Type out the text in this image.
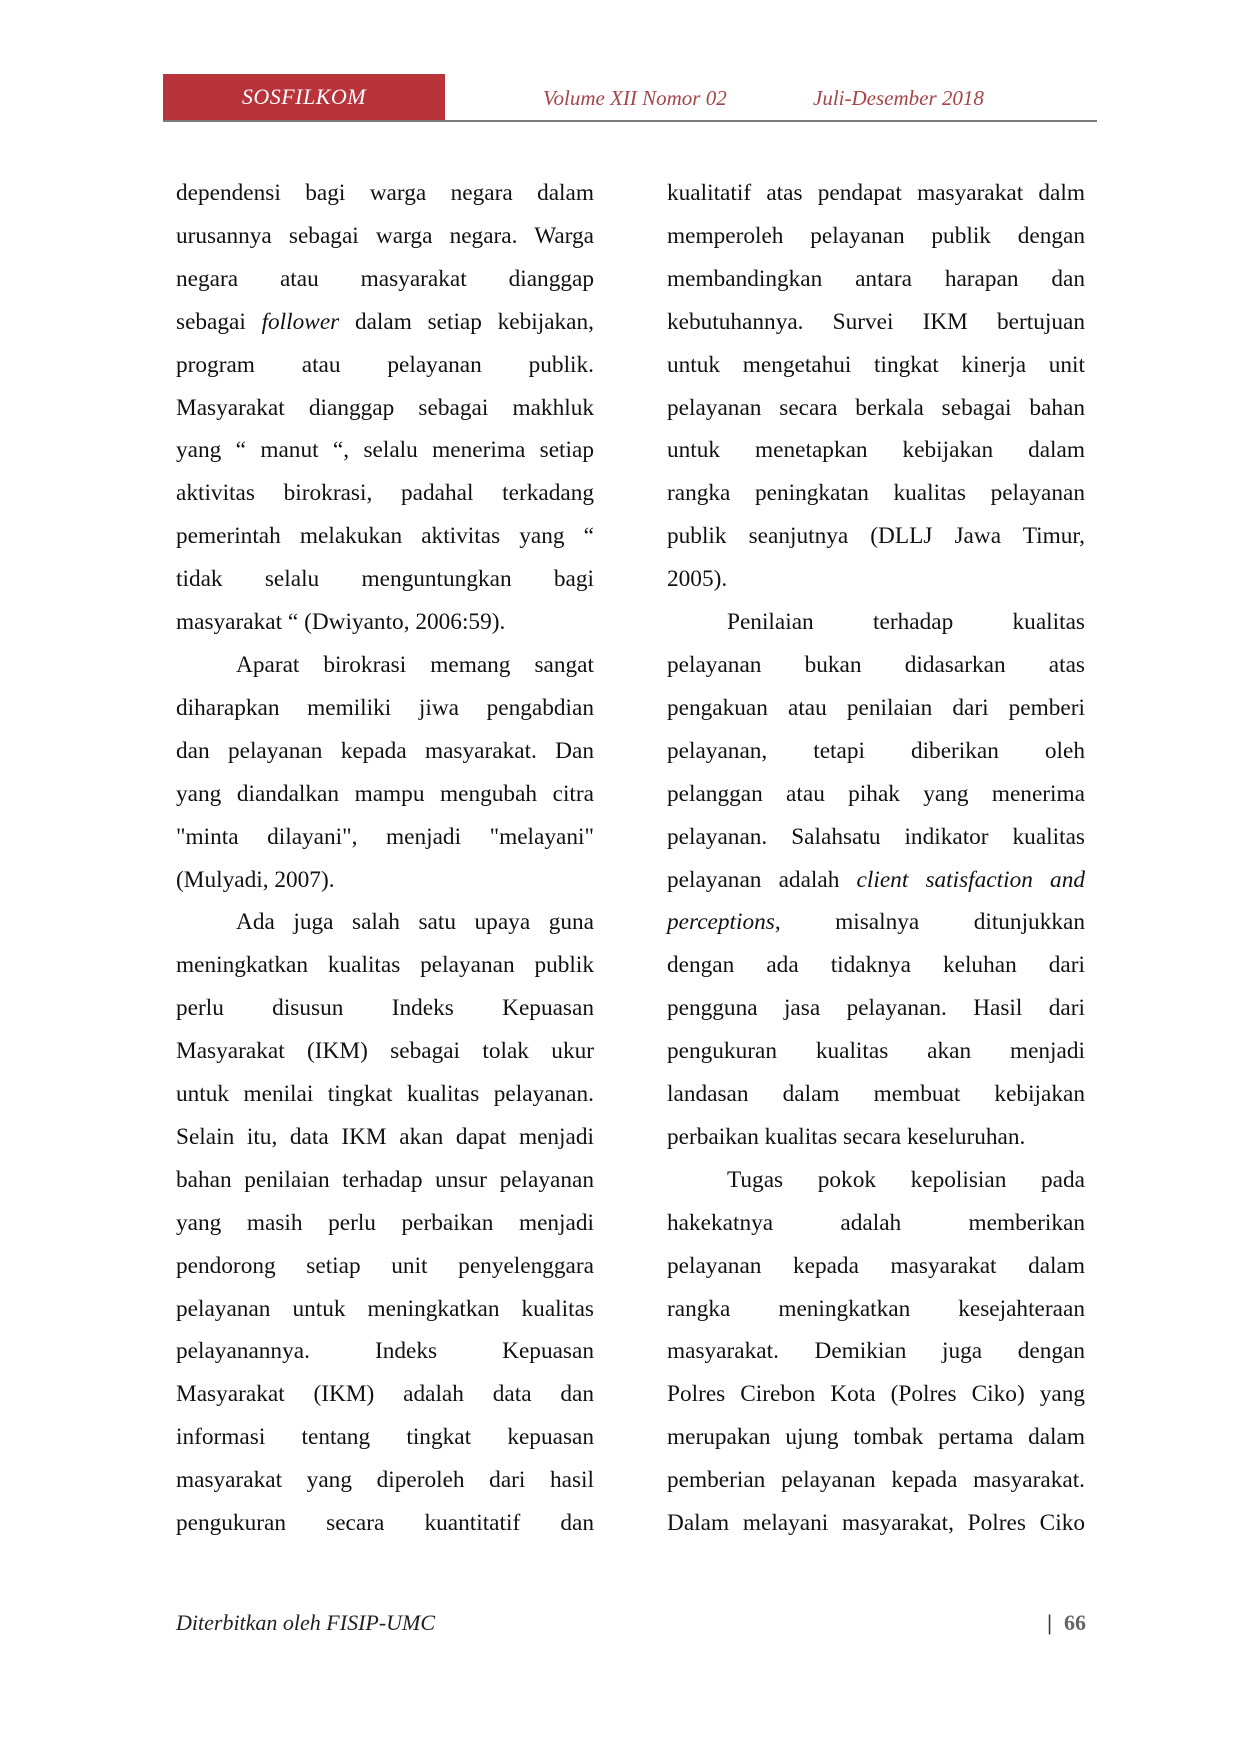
SOSFILKOM	Volume XII Nomor 02	Juli-Desember 2018

dependensi bagi warga negara dalam

urusannya sebagai warga negara. Warga

negara atau masyarakat dianggap

sebagai follower dalam setiap kebijakan,

program atau pelayanan publik.

Masyarakat dianggap sebagai makhluk

yang “ manut “, selalu menerima setiap

aktivitas birokrasi, padahal terkadang

pemerintah melakukan aktivitas yang “

tidak selalu menguntungkan bagi

masyarakat “ (Dwiyanto, 2006:59).

Aparat birokrasi memang sangat

diharapkan memiliki jiwa pengabdian

dan pelayanan kepada masyarakat. Dan

yang diandalkan mampu mengubah citra

"minta dilayani", menjadi "melayani"

(Mulyadi, 2007).

Ada juga salah satu upaya guna

meningkatkan kualitas pelayanan publik

perlu disusun Indeks Kepuasan

Masyarakat (IKM) sebagai tolak ukur

untuk menilai tingkat kualitas pelayanan.

Selain itu, data IKM akan dapat menjadi

bahan penilaian terhadap unsur pelayanan

yang masih perlu perbaikan menjadi

pendorong setiap unit penyelenggara

pelayanan untuk meningkatkan kualitas

pelayanannya. Indeks Kepuasan

Masyarakat (IKM) adalah data dan

informasi tentang tingkat kepuasan

masyarakat yang diperoleh dari hasil

pengukuran secara kuantitatif dan

kualitatif atas pendapat masyarakat dalm

memperoleh pelayanan publik dengan

membandingkan antara harapan dan

kebutuhannya. Survei IKM bertujuan

untuk mengetahui tingkat kinerja unit

pelayanan secara berkala sebagai bahan

untuk menetapkan kebijakan dalam

rangka peningkatan kualitas pelayanan

publik seanjutnya (DLLJ Jawa Timur,

2005).

Penilaian terhadap kualitas

pelayanan bukan didasarkan atas

pengakuan atau penilaian dari pemberi

pelayanan, tetapi diberikan oleh

pelanggan atau pihak yang menerima

pelayanan. Salahsatu indikator kualitas

pelayanan adalah client satisfaction and

perceptions, misalnya ditunjukkan

dengan ada tidaknya keluhan dari

pengguna jasa pelayanan. Hasil dari

pengukuran kualitas akan menjadi

landasan dalam membuat kebijakan

perbaikan kualitas secara keseluruhan.

Tugas pokok kepolisian pada

hakekatnya adalah memberikan

pelayanan kepada masyarakat dalam

rangka meningkatkan kesejahteraan

masyarakat. Demikian juga dengan

Polres Cirebon Kota (Polres Ciko) yang

merupakan ujung tombak pertama dalam

pemberian pelayanan kepada masyarakat.

Dalam melayani masyarakat, Polres Ciko

Diterbitkan oleh FISIP-UMC	| 66
